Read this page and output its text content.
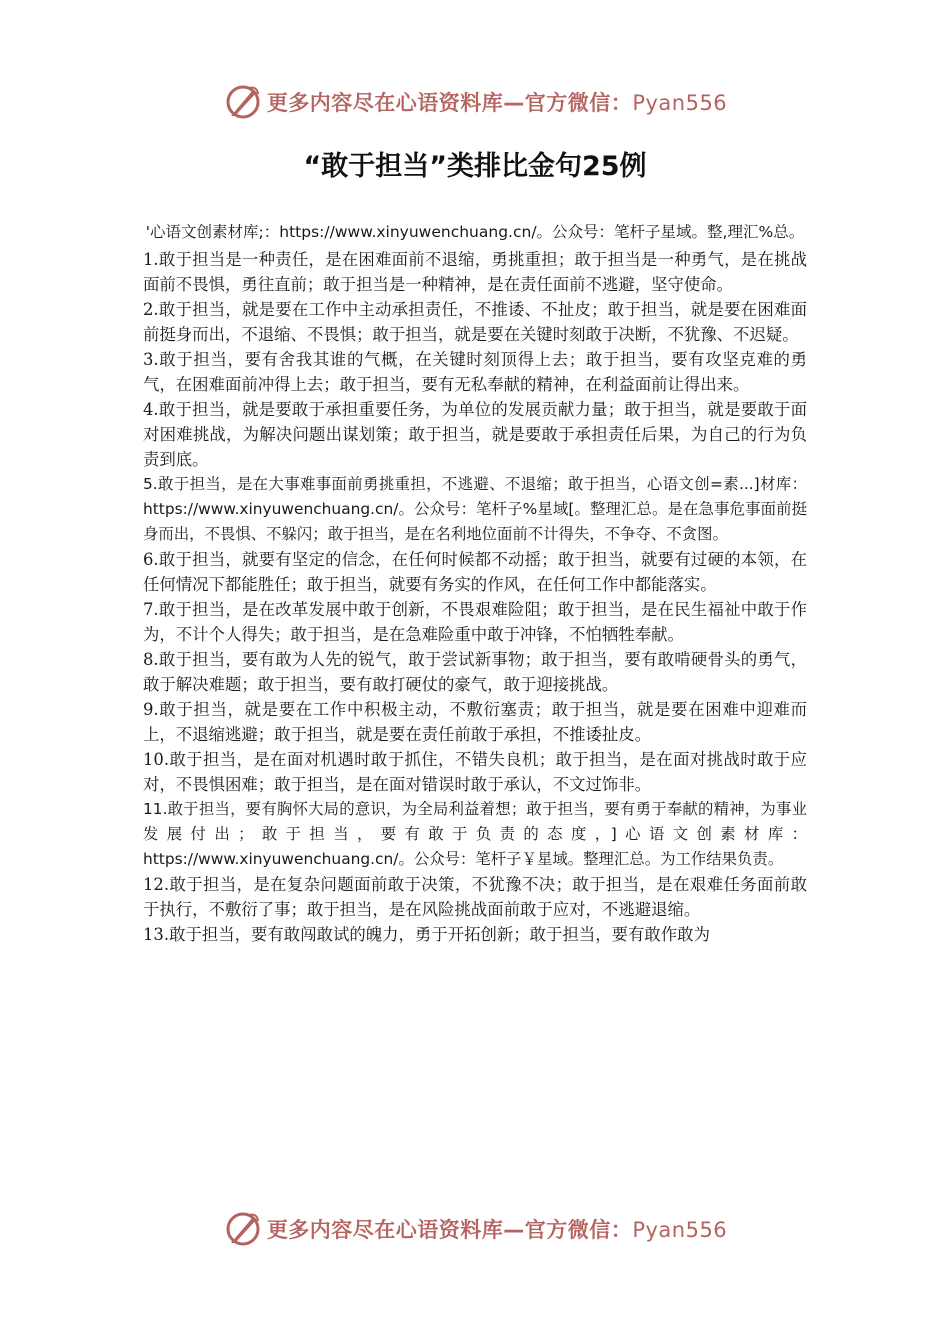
更多内容尽在心语资料库—官方微信：Pyan556
“敢于担当”类排比金句25例

'心语文创素材库;：https://www.xinyuwenchuang.cn/。公众号：笔杆子星域。整,理汇%总。

1.敢于担当是一种责任，是在困难面前不退缩，勇挑重担；敢于担当是一种勇气，是在挑战面前不畏惧，勇往直前；敢于担当是一种精神，是在责任面前不逃避，坚守使命。

2.敢于担当，就是要在工作中主动承担责任，不推诿、不扯皮；敢于担当，就是要在困难面前挺身而出，不退缩、不畏惧；敢于担当，就是要在关键时刻敢于决断，不犹豫、不迟疑。

3.敢于担当，要有舍我其谁的气概，在关键时刻顶得上去；敢于担当，要有攻坚克难的勇气，在困难面前冲得上去；敢于担当，要有无私奉献的精神，在利益面前让得出来。

4.敢于担当，就是要敢于承担重要任务，为单位的发展贡献力量；敢于担当，就是要敢于面对困难挑战，为解决问题出谋划策；敢于担当，就是要敢于承担责任后果，为自己的行为负责到底。

5.敢于担当，是在大事难事面前勇挑重担，不逃避、不退缩；敢于担当，心语文创=素...]材库：https://www.xinyuwenchuang.cn/。公众号：笔杆子%星域[。整理汇总。是在急事危事面前挺身而出，不畏惧、不躲闪；敢于担当，是在名利地位面前不计得失，不争夺、不贪图。

6.敢于担当，就要有坚定的信念，在任何时候都不动摇；敢于担当，就要有过硬的本领，在任何情况下都能胜任；敢于担当，就要有务实的作风，在任何工作中都能落实。

7.敢于担当，是在改革发展中敢于创新，不畏艰难险阻；敢于担当，是在民生福祉中敢于作为，不计个人得失；敢于担当，是在急难险重中敢于冲锋，不怕牺牲奉献。

8.敢于担当，要有敢为人先的锐气，敢于尝试新事物；敢于担当，要有敢啃硬骨头的勇气，敢于解决难题；敢于担当，要有敢打硬仗的豪气，敢于迎接挑战。

9.敢于担当，就是要在工作中积极主动，不敷衍塞责；敢于担当，就是要在困难中迎难而上，不退缩逃避；敢于担当，就是要在责任前敢于承担，不推诿扯皮。

10.敢于担当，是在面对机遇时敢于抓住，不错失良机；敢于担当，是在面对挑战时敢于应对，不畏惧困难；敢于担当，是在面对错误时敢于承认，不文过饰非。

11.敢于担当，要有胸怀大局的意识，为全局利益着想；敢于担当，要有勇于奉献的精神，为事业发展付出；敢于担当，要有敢于负责的态度，]心语文创素材库：https://www.xinyuwenchuang.cn/。公众号：笔杆子￥星域。整理汇总。为工作结果负责。

12.敢于担当，是在复杂问题面前敢于决策，不犹豫不决；敢于担当，是在艰难任务面前敢于执行，不敷衍了事；敢于担当，是在风险挑战面前敢于应对，不逃避退缩。

13.敢于担当，要有敢闯敢试的魄力，勇于开拓创新；敢于担当，要有敢作敢为

更多内容尽在心语资料库—官方微信：Pyan556
